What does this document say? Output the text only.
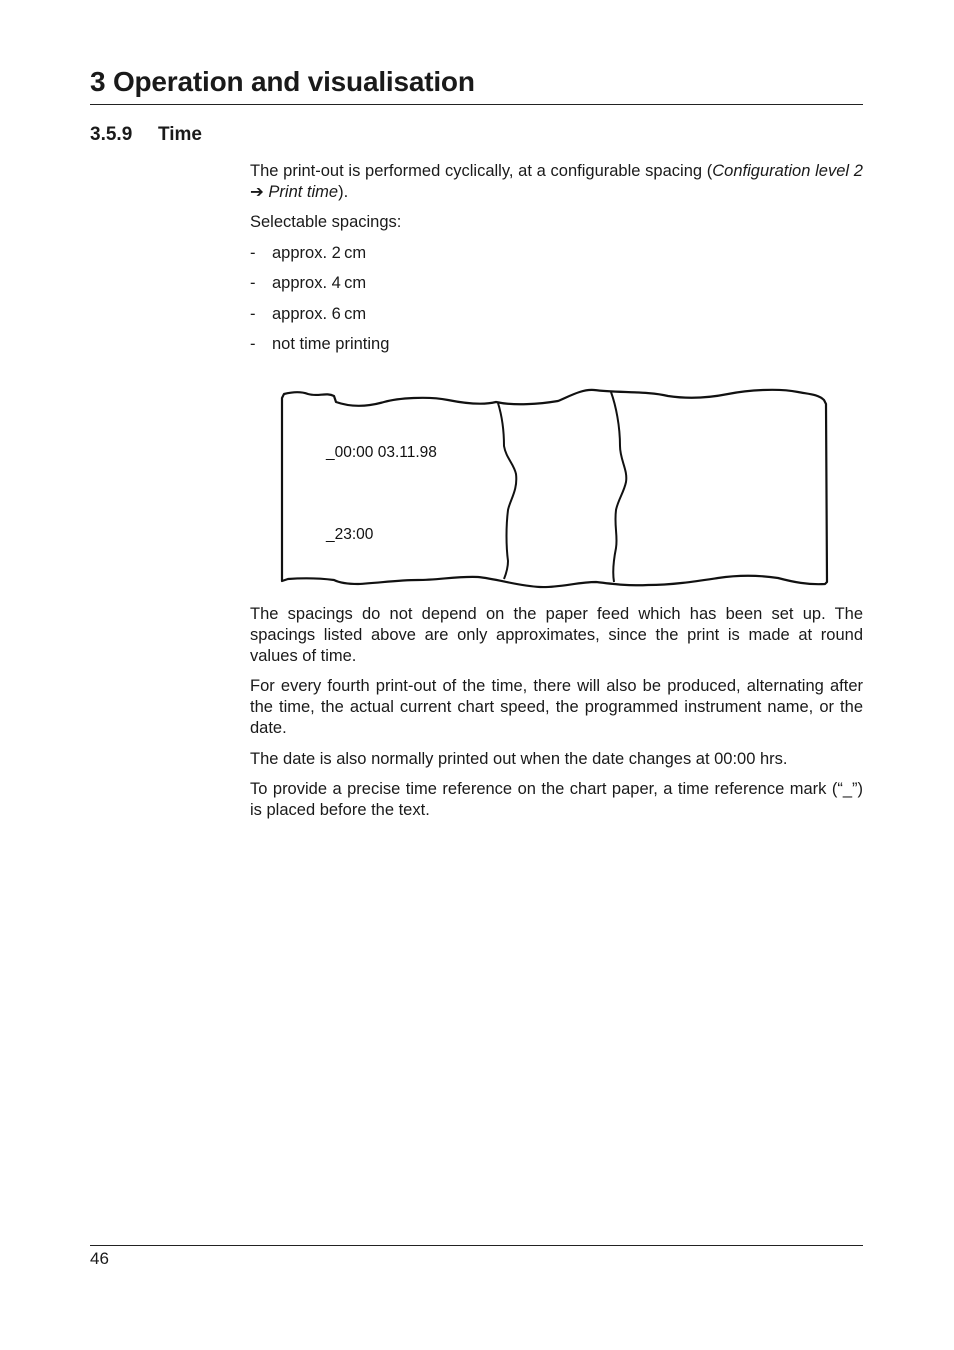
3 Operation and visualisation
3.5.9 Time
The print-out is performed cyclically, at a configurable spacing (Configuration level 2 ➔ Print time).
Selectable spacings:
- approx. 2 cm
- approx. 4 cm
- approx. 6 cm
- not time printing
_00:00 03.11.98
_23:00
The spacings do not depend on the paper feed which has been set up. The spacings listed above are only approximates, since the print is made at round values of time.
For every fourth print-out of the time, there will also be produced, alternating after the time, the actual current chart speed, the programmed instrument name, or the date.
The date is also normally printed out when the date changes at 00:00 hrs.
To provide a precise time reference on the chart paper, a time reference mark (“_”) is placed before the text.
46
